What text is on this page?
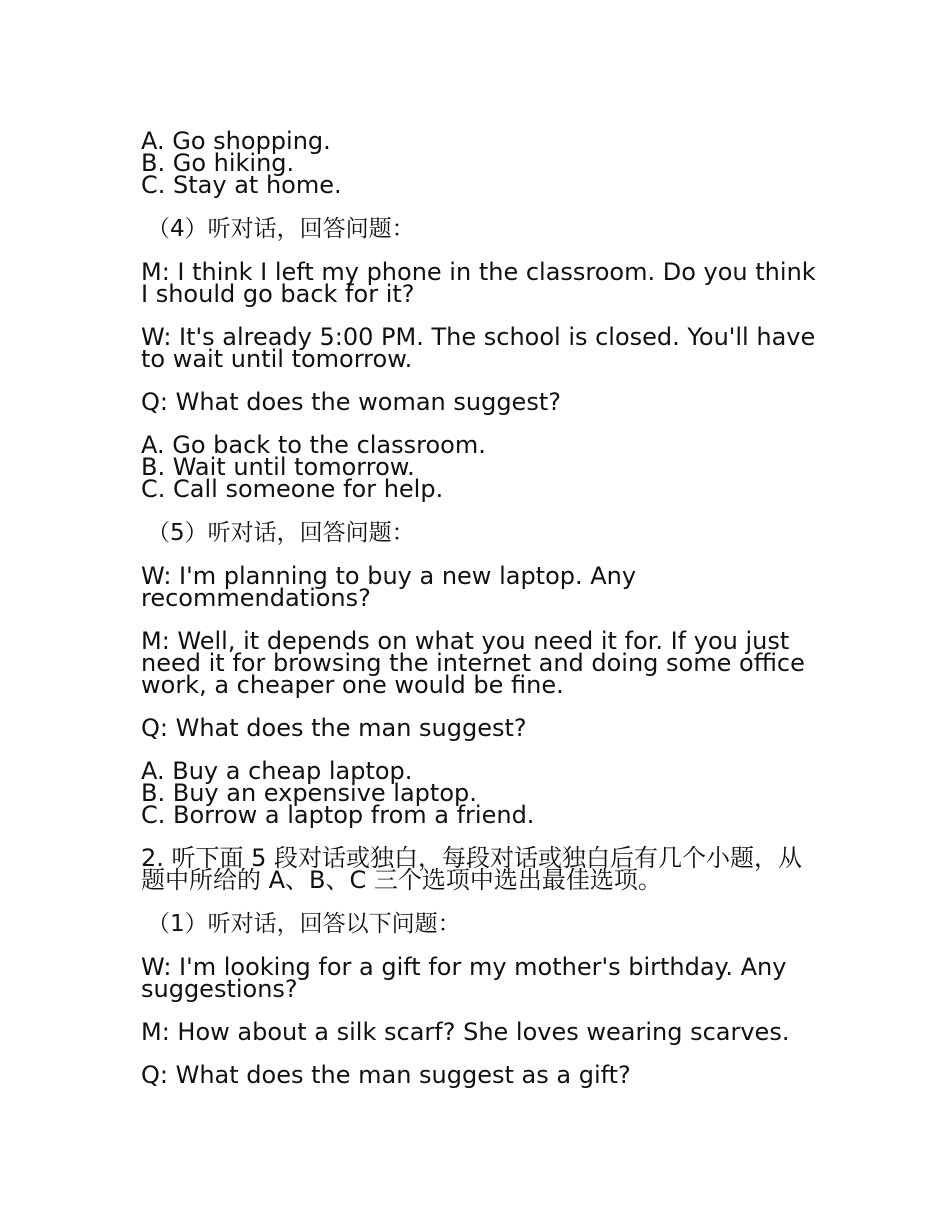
A. Go shopping.
B. Go hiking.
C. Stay at home.
（4）听对话，回答问题：
M: I think I left my phone in the classroom. Do you think I should go back for it?
W: It's already 5:00 PM. The school is closed. You'll have to wait until tomorrow.
Q: What does the woman suggest?
A. Go back to the classroom.
B. Wait until tomorrow.
C. Call someone for help.
（5）听对话，回答问题：
W: I'm planning to buy a new laptop. Any recommendations?
M: Well, it depends on what you need it for. If you just need it for browsing the internet and doing some office work, a cheaper one would be fine.
Q: What does the man suggest?
A. Buy a cheap laptop.
B. Buy an expensive laptop.
C. Borrow a laptop from a friend.
2. 听下面 5 段对话或独白，每段对话或独白后有几个小题，从题中所给的 A、B、C 三个选项中选出最佳选项。
（1）听对话，回答以下问题：
W: I'm looking for a gift for my mother's birthday. Any suggestions?
M: How about a silk scarf? She loves wearing scarves.
Q: What does the man suggest as a gift?
